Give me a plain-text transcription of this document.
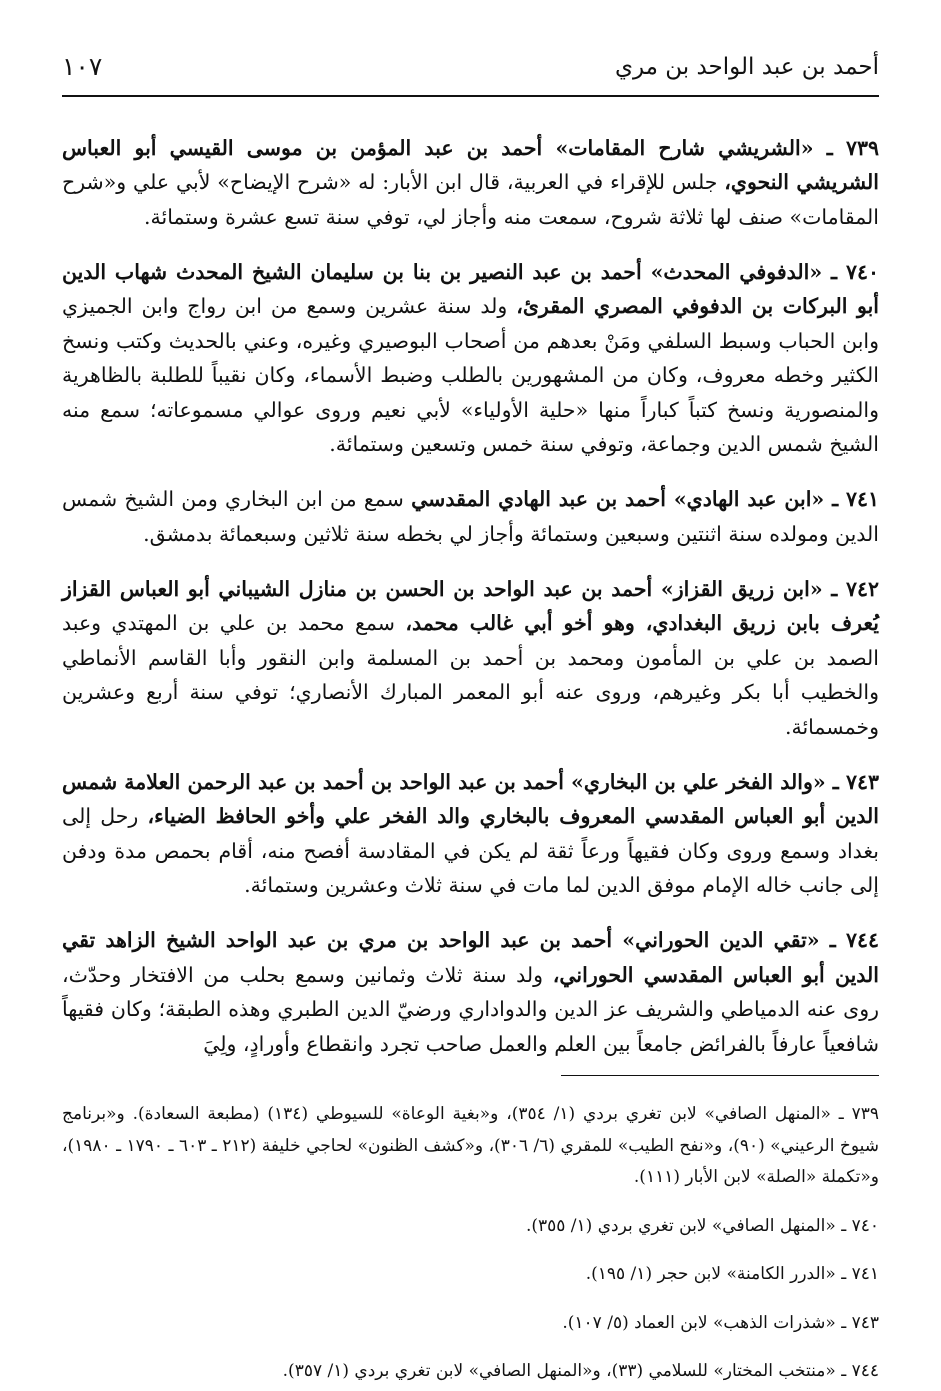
أحمد بن عبد الواحد بن مري
١٠٧

٧٣٩ ـ «الشريشي شارح المقامات» أحمد بن عبد المؤمن بن موسى القيسي أبو العباس الشريشي النحوي، جلس للإقراء في العربية، قال ابن الأبار: له «شرح الإيضاح» لأبي علي و«شرح المقامات» صنف لها ثلاثة شروح، سمعت منه وأجاز لي، توفي سنة تسع عشرة وستمائة.

٧٤٠ ـ «الدفوفي المحدث» أحمد بن عبد النصير بن بنا بن سليمان الشيخ المحدث شهاب الدين أبو البركات بن الدفوفي المصري المقرئ، ولد سنة عشرين وسمع من ابن رواج وابن الجميزي وابن الحباب وسبط السلفي ومَنْ بعدهم من أصحاب البوصيري وغيره، وعني بالحديث وكتب ونسخ الكثير وخطه معروف، وكان من المشهورين بالطلب وضبط الأسماء، وكان نقيباً للطلبة بالظاهرية والمنصورية ونسخ كتباً كباراً منها «حلية الأولياء» لأبي نعيم وروى عوالي مسموعاته؛ سمع منه الشيخ شمس الدين وجماعة، وتوفي سنة خمس وتسعين وستمائة.

٧٤١ ـ «ابن عبد الهادي» أحمد بن عبد الهادي المقدسي سمع من ابن البخاري ومن الشيخ شمس الدين ومولده سنة اثنتين وسبعين وستمائة وأجاز لي بخطه سنة ثلاثين وسبعمائة بدمشق.

٧٤٢ ـ «ابن زريق القزاز» أحمد بن عبد الواحد بن الحسن بن منازل الشيباني أبو العباس القزاز يُعرف بابن زريق البغدادي، وهو أخو أبي غالب محمد، سمع محمد بن علي بن المهتدي وعبد الصمد بن علي بن المأمون ومحمد بن أحمد بن المسلمة وابن النقور وأبا القاسم الأنماطي والخطيب أبا بكر وغيرهم، وروى عنه أبو المعمر المبارك الأنصاري؛ توفي سنة أربع وعشرين وخمسمائة.

٧٤٣ ـ «والد الفخر علي بن البخاري» أحمد بن عبد الواحد بن أحمد بن عبد الرحمن العلامة شمس الدين أبو العباس المقدسي المعروف بالبخاري والد الفخر علي وأخو الحافظ الضياء، رحل إلى بغداد وسمع وروى وكان فقيهاً ورعاً ثقة لم يكن في المقادسة أفصح منه، أقام بحمص مدة ودفن إلى جانب خاله الإمام موفق الدين لما مات في سنة ثلاث وعشرين وستمائة.

٧٤٤ ـ «تقي الدين الحوراني» أحمد بن عبد الواحد بن مري بن عبد الواحد الشيخ الزاهد تقي الدين أبو العباس المقدسي الحوراني، ولد سنة ثلاث وثمانين وسمع بحلب من الافتخار وحدّث، روى عنه الدمياطي والشريف عز الدين والدواداري ورضيّ الدين الطبري وهذه الطبقة؛ وكان فقيهاً شافعياً عارفاً بالفرائض جامعاً بين العلم والعمل صاحب تجرد وانقطاع وأورادٍ، ولِيَ

٧٣٩ ـ «المنهل الصافي» لابن تغري بردي (١/ ٣٥٤)، و«بغية الوعاة» للسيوطي (١٣٤) (مطبعة السعادة). و«برنامج شيوخ الرعيني» (٩٠)، و«نفح الطيب» للمقري (٦/ ٣٠٦)، و«كشف الظنون» لحاجي خليفة (٢١٢ ـ ٦٠٣ ـ ١٧٩٠ ـ ١٩٨٠)، و«تكملة «الصلة» لابن الأبار (١١١).

٧٤٠ ـ «المنهل الصافي» لابن تغري بردي (١/ ٣٥٥).

٧٤١ ـ «الدرر الكامنة» لابن حجر (١/ ١٩٥).

٧٤٣ ـ «شذرات الذهب» لابن العماد (٥/ ١٠٧).

٧٤٤ ـ «منتخب المختار» للسلامي (٣٣)، و«المنهل الصافي» لابن تغري بردي (١/ ٣٥٧).
